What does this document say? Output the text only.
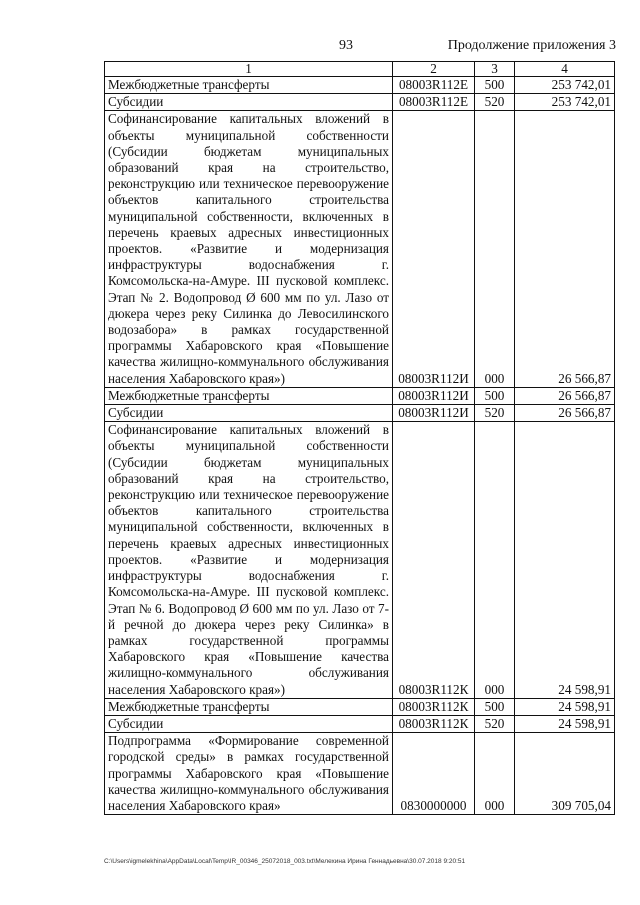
93	Продолжение приложения 3
1	2	3	4
Межбюджетные трансферты	08003R112E	500	253 742,01
Субсидии	08003R112E	520	253 742,01
Софинансирование капитальных вложений в объекты муниципальной собственности (Субсидии бюджетам муниципальных образований края на строительство, реконструкцию или техническое перевооружение объектов капитального строительства муниципальной собственности, включенных в перечень краевых адресных инвестиционных проектов. «Развитие и модернизация инфраструктуры водоснабжения г. Комсомольска-на-Амуре. III пусковой комплекс. Этап № 2. Водопровод Ø 600 мм по ул. Лазо от дюкера через реку Силинка до Левосилинского водозабора» в рамках государственной программы Хабаровского края «Повышение качества жилищно-коммунального обслуживания населения Хабаровского края»)	08003R112И	000	26 566,87
Межбюджетные трансферты	08003R112И	500	26 566,87
Субсидии	08003R112И	520	26 566,87
Софинансирование капитальных вложений в объекты муниципальной собственности (Субсидии бюджетам муниципальных образований края на строительство, реконструкцию или техническое перевооружение объектов капитального строительства муниципальной собственности, включенных в перечень краевых адресных инвестиционных проектов. «Развитие и модернизация инфраструктуры водоснабжения г. Комсомольска-на-Амуре. III пусковой комплекс. Этап № 6. Водопровод Ø 600 мм по ул. Лазо от 7-й речной до дюкера через реку Силинка» в рамках государственной программы Хабаровского края «Повышение качества жилищно-коммунального обслуживания населения Хабаровского края»)	08003R112К	000	24 598,91
Межбюджетные трансферты	08003R112К	500	24 598,91
Субсидии	08003R112К	520	24 598,91
Подпрограмма «Формирование современной городской среды» в рамках государственной программы Хабаровского края «Повышение качества жилищно-коммунального обслуживания населения Хабаровского края»	0830000000	000	309 705,04
C:\Users\igmelekhina\AppData\Local\Temp\IR_00346_25072018_003.txt\Мелехина Ирина Геннадьевна\30.07.2018 9:20:51
